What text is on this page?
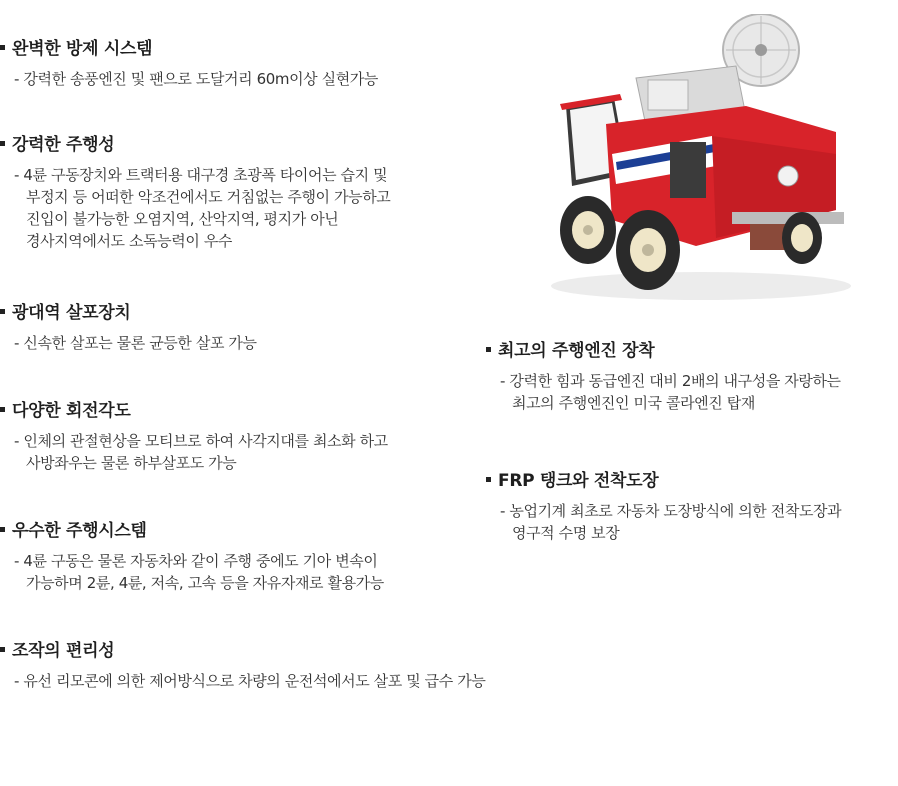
완벽한 방제 시스템
- 강력한 송풍엔진 및 팬으로 도달거리 60m이상 실현가능
강력한 주행성
- 4륜 구동장치와 트랙터용 대구경 초광폭 타이어는 습지 및
부정지 등 어떠한 악조건에서도 거침없는 주행이 가능하고
진입이 불가능한 오염지역, 산악지역, 평지가 아닌
경사지역에서도 소독능력이 우수
광대역 살포장치
- 신속한 살포는 물론 균등한 살포 가능
다양한 회전각도
- 인체의 관절현상을 모티브로 하여 사각지대를 최소화 하고
사방좌우는 물론 하부살포도 가능
우수한 주행시스템
- 4륜 구동은 물론 자동차와 같이 주행 중에도 기아 변속이
가능하며 2륜, 4륜, 저속, 고속 등을 자유자재로 활용가능
조작의 편리성
- 유선 리모콘에 의한 제어방식으로 차량의 운전석에서도 살포 및 급수 가능
최고의 주행엔진 장착
- 강력한 힘과 동급엔진 대비 2배의 내구성을 자랑하는
최고의 주행엔진인 미국 콜라엔진 탑재
FRP 탱크와 전착도장
- 농업기계 최초로 자동차 도장방식에 의한 전착도장과
영구적 수명 보장
